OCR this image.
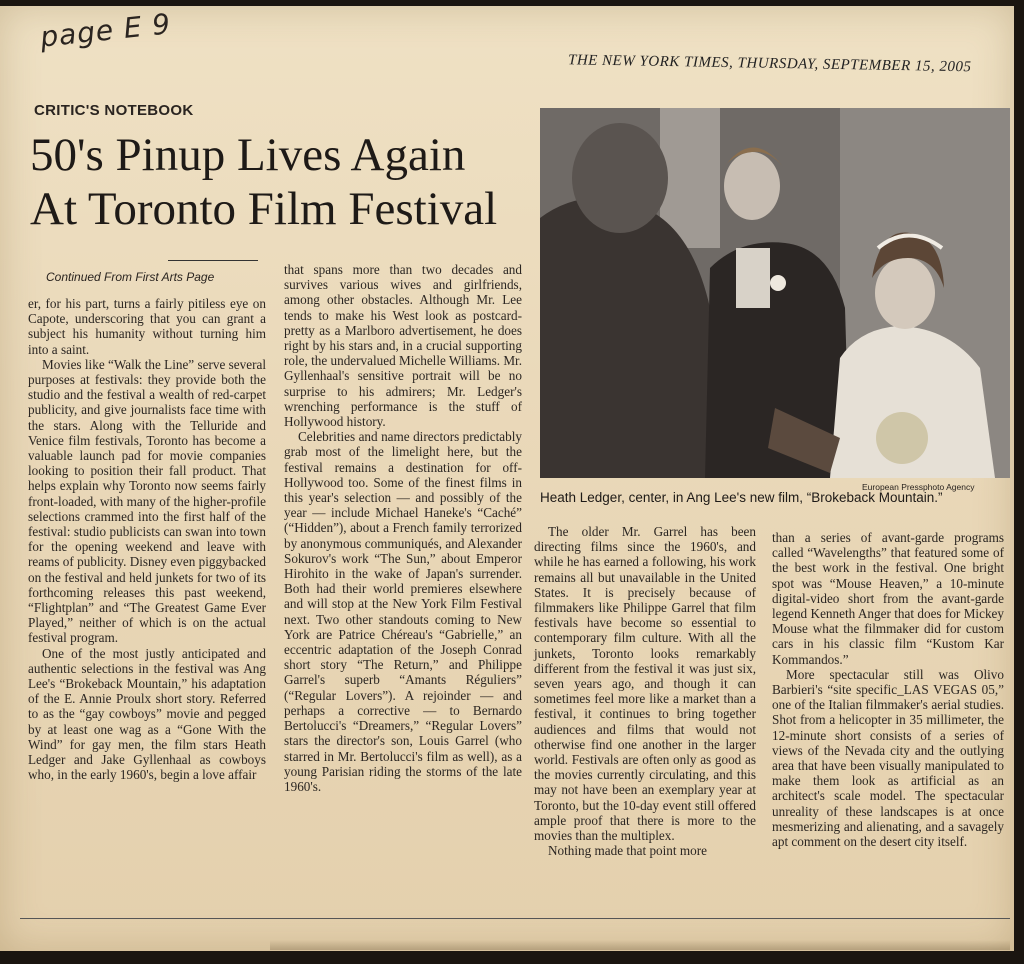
page E 9
THE NEW YORK TIMES, THURSDAY, SEPTEMBER 15, 2005
CRITIC'S NOTEBOOK
50's Pinup Lives Again
At Toronto Film Festival
Continued From First Arts Page

er, for his part, turns a fairly pitiless eye on Capote, underscoring that you can grant a subject his humanity without turning him into a saint.

Movies like “Walk the Line” serve several purposes at festivals: they provide both the studio and the festival a wealth of red-carpet publicity, and give journalists face time with the stars. Along with the Telluride and Venice film festivals, Toronto has become a valuable launch pad for movie companies looking to position their fall product. That helps explain why Toronto now seems fairly front-loaded, with many of the higher-profile selections crammed into the first half of the festival: studio publicists can swan into town for the opening weekend and leave with reams of publicity. Disney even piggybacked on the festival and held junkets for two of its forthcoming releases this past weekend, “Flightplan” and “The Greatest Game Ever Played,” neither of which is on the actual festival program.

One of the most justly anticipated and authentic selections in the festival was Ang Lee's “Brokeback Mountain,” his adaptation of the E. Annie Proulx short story. Referred to as the “gay cowboys” movie and pegged by at least one wag as a “Gone With the Wind” for gay men, the film stars Heath Ledger and Jake Gyllenhaal as cowboys who, in the early 1960's, begin a love affair

that spans more than two decades and survives various wives and girlfriends, among other obstacles. Although Mr. Lee tends to make his West look as postcard-pretty as a Marlboro advertisement, he does right by his stars and, in a crucial supporting role, the undervalued Michelle Williams. Mr. Gyllenhaal's sensitive portrait will be no surprise to his admirers; Mr. Ledger's wrenching performance is the stuff of Hollywood history.

Celebrities and name directors predictably grab most of the limelight here, but the festival remains a destination for off-Hollywood too. Some of the finest films in this year's selection — and possibly of the year — include Michael Haneke's “Caché” (“Hidden”), about a French family terrorized by anonymous communiqués, and Alexander Sokurov's work “The Sun,” about Emperor Hirohito in the wake of Japan's surrender. Both had their world premieres elsewhere and will stop at the New York Film Festival next. Two other standouts coming to New York are Patrice Chéreau's “Gabrielle,” an eccentric adaptation of the Joseph Conrad short story “The Return,” and Philippe Garrel's superb “Amants Réguliers” (“Regular Lovers”). A rejoinder — and perhaps a corrective — to Bernardo Bertolucci's “Dreamers,” “Regular Lovers” stars the director's son, Louis Garrel (who starred in Mr. Bertolucci's film as well), as a young Parisian riding the storms of the late 1960's.

European Pressphoto Agency
Heath Ledger, center, in Ang Lee's new film, “Brokeback Mountain.”

The older Mr. Garrel has been directing films since the 1960's, and while he has earned a following, his work remains all but unavailable in the United States. It is precisely because of filmmakers like Philippe Garrel that film festivals have become so essential to contemporary film culture. With all the junkets, Toronto looks remarkably different from the festival it was just six, seven years ago, and though it can sometimes feel more like a market than a festival, it continues to bring together audiences and films that would not otherwise find one another in the larger world. Festivals are often only as good as the movies currently circulating, and this may not have been an exemplary year at Toronto, but the 10-day event still offered ample proof that there is more to the movies than the multiplex.

Nothing made that point more

than a series of avant-garde programs called “Wavelengths” that featured some of the best work in the festival. One bright spot was “Mouse Heaven,” a 10-minute digital-video short from the avant-garde legend Kenneth Anger that does for Mickey Mouse what the filmmaker did for custom cars in his classic film “Kustom Kar Kommandos.”

More spectacular still was Olivo Barbieri's “site specific_LAS VEGAS 05,” one of the Italian filmmaker's aerial studies. Shot from a helicopter in 35 millimeter, the 12-minute short consists of a series of views of the Nevada city and the outlying area that have been visually manipulated to make them look as artificial as an architect's scale model. The spectacular unreality of these landscapes is at once mesmerizing and alienating, and a savagely apt comment on the desert city itself.
